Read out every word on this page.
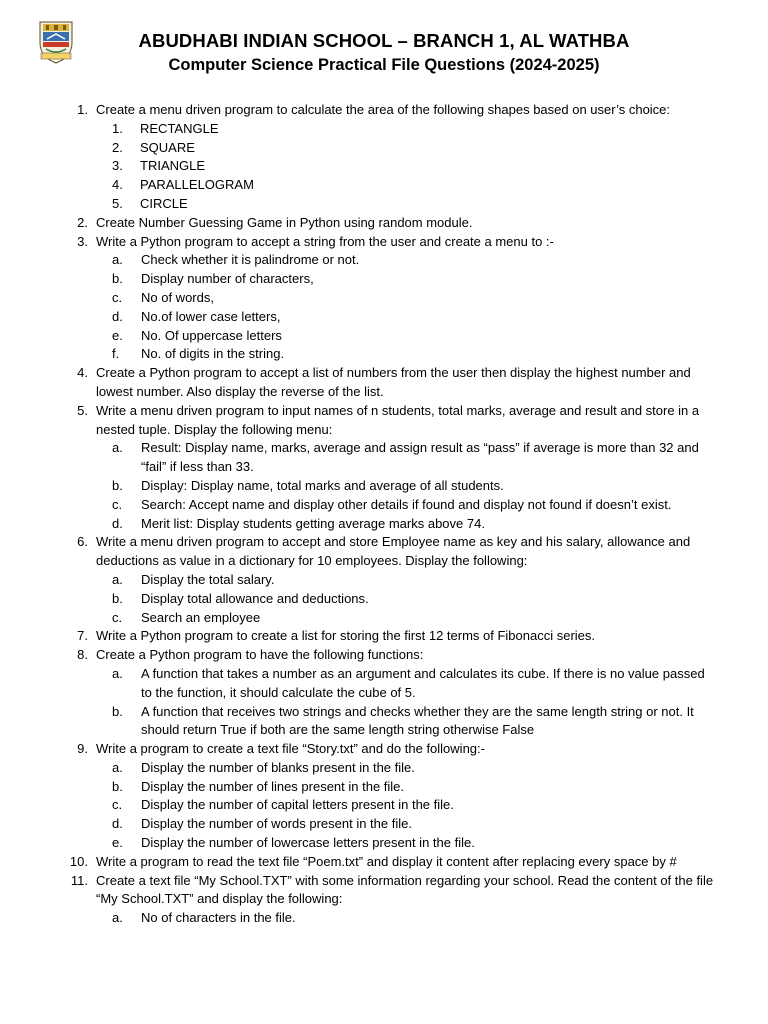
ABUDHABI INDIAN SCHOOL – BRANCH 1, AL WATHBA
Computer Science Practical File Questions (2024-2025)
1. Create a menu driven program to calculate the area of the following shapes based on user’s choice:
1.	RECTANGLE
2.	SQUARE
3.	TRIANGLE
4.	PARALLELOGRAM
5.	CIRCLE
2. Create Number Guessing Game in Python using random module.
3. Write a Python program to accept a string from the user and create a menu to :-
a.	Check whether it is palindrome or not.
b.	Display number of characters,
c.	No of words,
d.	No.of lower case letters,
e.	No. Of uppercase letters
f.	No. of digits in the string.
4. Create a Python program to accept a list of numbers from the user then display the highest number and lowest number. Also display the reverse of the list.
5. Write a menu driven program to input names of n students, total marks, average and result and store in a nested tuple. Display the following menu:
a.	Result: Display name, marks, average and assign result as “pass” if average is more than 32 and “fail” if less than 33.
b.	Display: Display name, total marks and average of all students.
c.	Search: Accept name and display other details if found and display not found if doesn’t exist.
d.	Merit list: Display students getting average marks above 74.
6. Write a menu driven program to accept and store Employee name as key and his salary, allowance and deductions as value in a dictionary for 10 employees. Display the following:
a.	Display the total salary.
b.	Display total allowance and deductions.
c.	Search an employee
7. Write a Python program to create a list for storing the first 12 terms of Fibonacci series.
8. Create a Python program to have the following functions:
a.	A function that takes a number as an argument and calculates its cube. If there is no value passed to the function, it should calculate the cube of 5.
b.	A function that receives two strings and checks whether they are the same length string or not. It should return True if both are the same length string otherwise False
9. Write a program to create a text file “Story.txt” and do the following:-
a.	Display the number of blanks present in the file.
b.	Display the number of lines present in the file.
c.	Display the number of capital letters present in the file.
d.	Display the number of words present in the file.
e.	Display the number of lowercase letters present in the file.
10. Write a program to read the text file “Poem.txt” and display it content after replacing every space by #
11. Create a text file “My School.TXT” with some information regarding your school. Read the content of the file “My School.TXT” and display the following:
a.	No of characters in the file.
